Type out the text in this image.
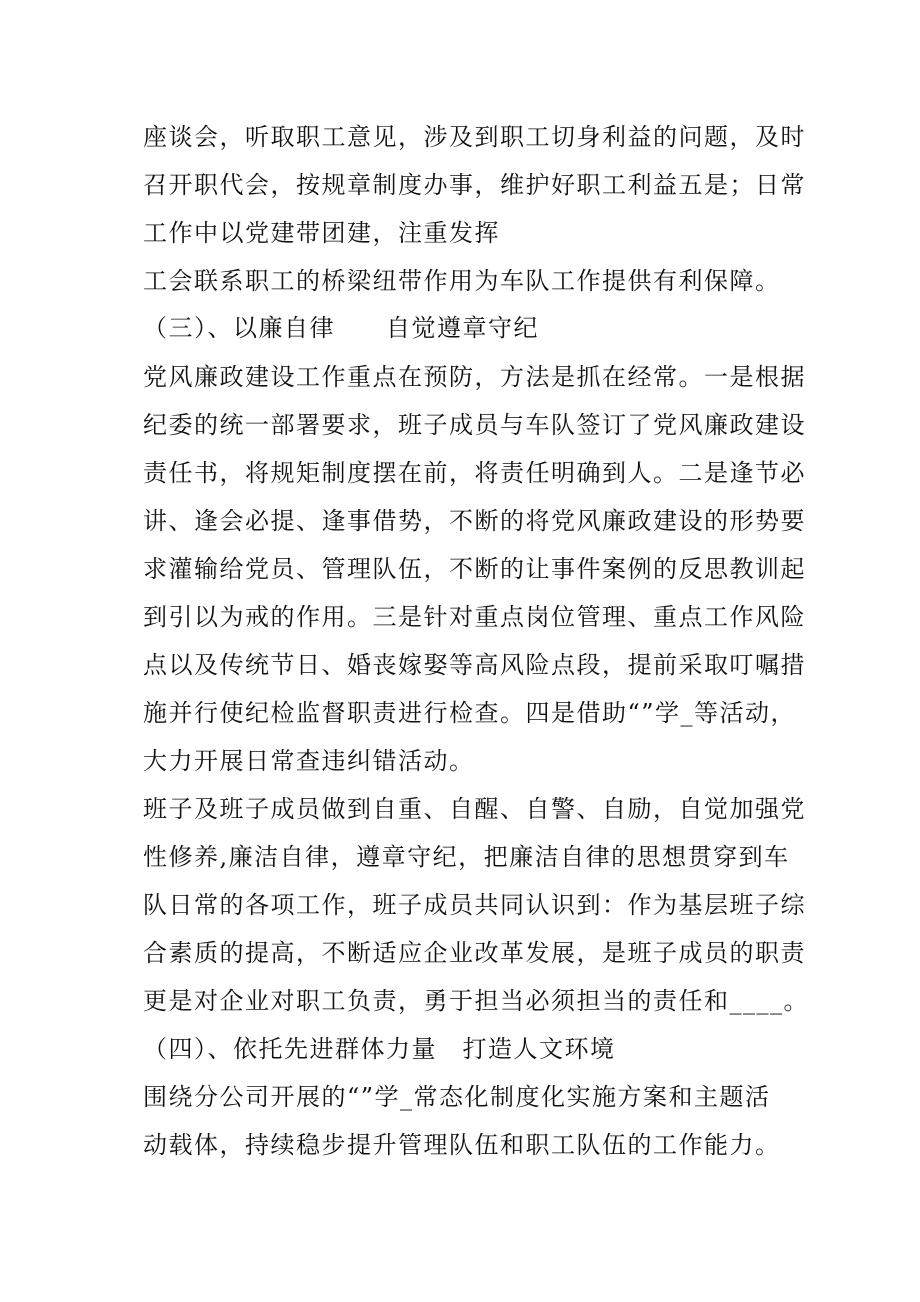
座谈会，听取职工意见，涉及到职工切身利益的问题，及时
召开职代会，按规章制度办事，维护好职工利益五是；日常
工作中以党建带团建，注重发挥
工会联系职工的桥梁纽带作用为车队工作提供有利保障。
（三）、以廉自律　　自觉遵章守纪
党风廉政建设工作重点在预防，方法是抓在经常。一是根据
纪委的统一部署要求，班子成员与车队签订了党风廉政建设
责任书，将规矩制度摆在前，将责任明确到人。二是逢节必
讲、逢会必提、逢事借势，不断的将党风廉政建设的形势要
求灌输给党员、管理队伍，不断的让事件案例的反思教训起
到引以为戒的作用。三是针对重点岗位管理、重点工作风险
点以及传统节日、婚丧嫁娶等高风险点段，提前采取叮嘱措
施并行使纪检监督职责进行检查。四是借助“”学_等活动，
大力开展日常查违纠错活动。
班子及班子成员做到自重、自醒、自警、自励，自觉加强党
性修养,廉洁自律，遵章守纪，把廉洁自律的思想贯穿到车
队日常的各项工作，班子成员共同认识到：作为基层班子综
合素质的提高，不断适应企业改革发展，是班子成员的职责
更是对企业对职工负责，勇于担当必须担当的责任和____。
（四）、依托先进群体力量　打造人文环境
围绕分公司开展的“”学_常态化制度化实施方案和主题活
动载体，持续稳步提升管理队伍和职工队伍的工作能力。
